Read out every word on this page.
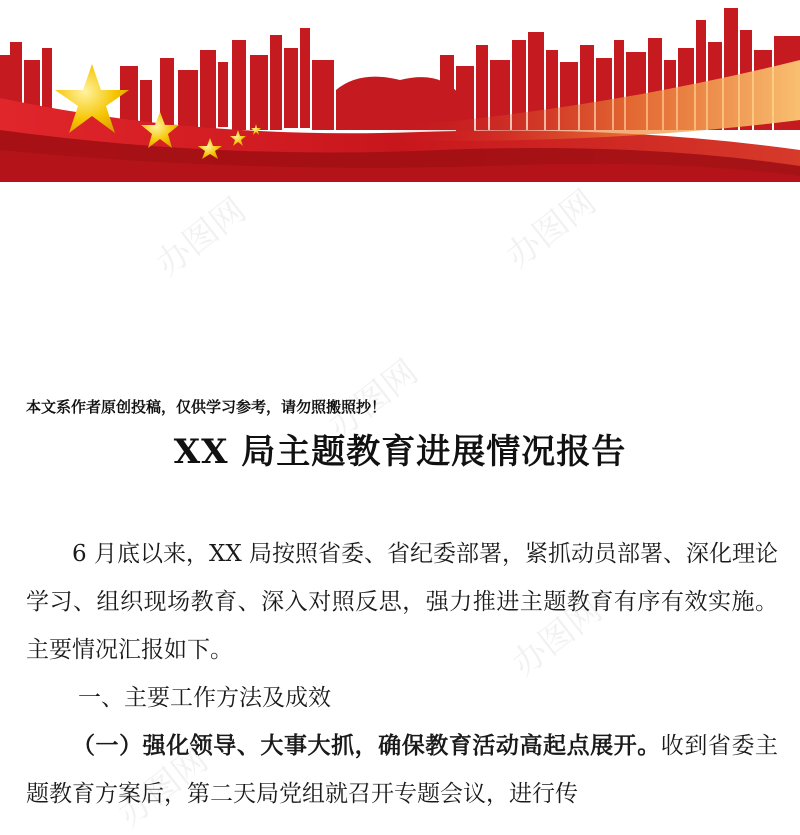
办图网	办图网
办图网
办图网
办图网
本文系作者原创投稿，仅供学习参考，请勿照搬照抄！
XX 局主题教育进展情况报告

6 月底以来，XX 局按照省委、省纪委部署，紧抓动员部署、深化理论学习、组织现场教育、深入对照反思，强力推进主题教育有序有效实施。主要情况汇报如下。

一、主要工作方法及成效

（一）强化领导、大事大抓，确保教育活动高起点展开。收到省委主题教育方案后，第二天局党组就召开专题会议，进行传
